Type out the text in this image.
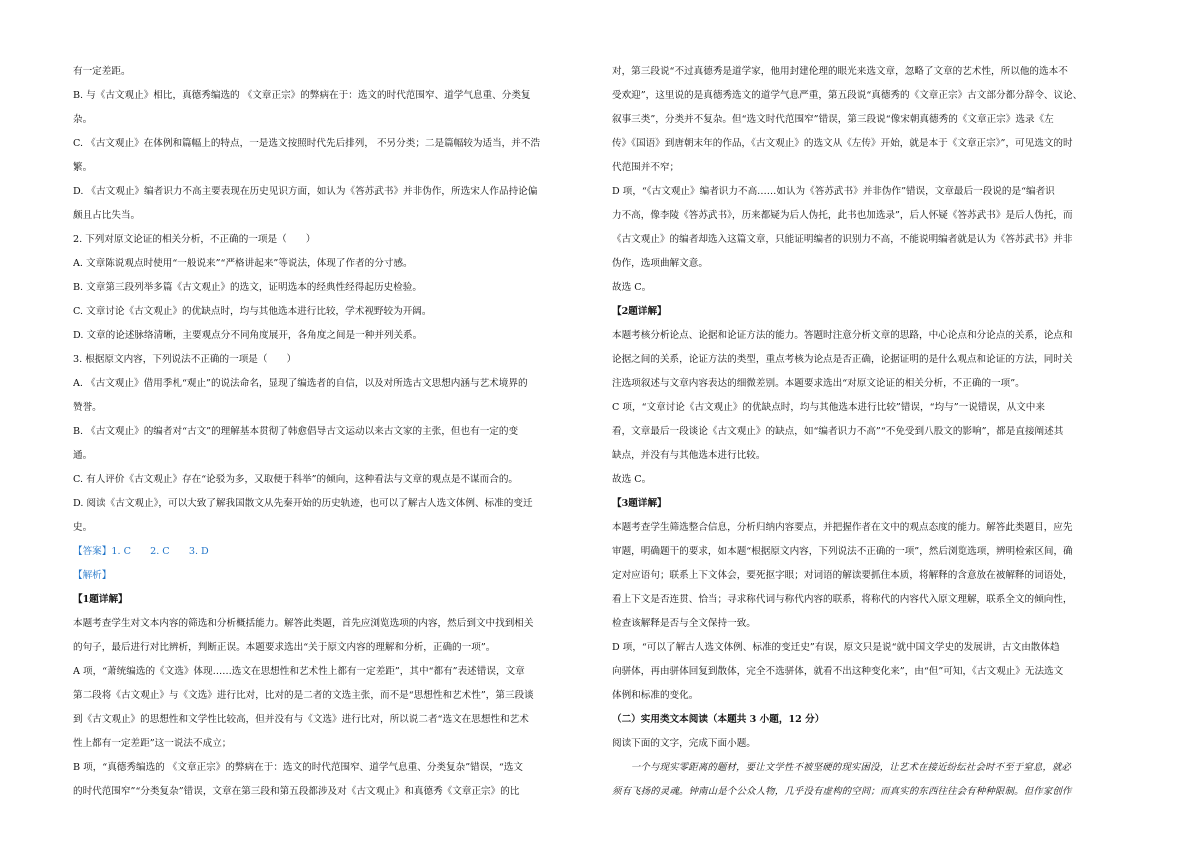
有一定差距。
B. 与《古文观止》相比，真德秀编选的 《文章正宗》的弊病在于：选文的时代范围窄、道学气息重、分类复
杂。
C. 《古文观止》在体例和篇幅上的特点，一是选文按照时代先后排列， 不另分类；二是篇幅较为适当，并不浩
繁。
D. 《古文观止》编者识力不高主要表现在历史见识方面，如认为《答苏武书》并非伪作，所选宋人作品持论偏
颇且占比失当。
2. 下列对原文论证的相关分析，不正确的一项是（　　）
A. 文章陈说观点时使用“一般说来”“严格讲起来”等说法，体现了作者的分寸感。
B. 文章第三段列举多篇《古文观止》的选文，证明选本的经典性经得起历史检验。
C. 文章讨论《古文观止》的优缺点时，均与其他选本进行比较，学术视野较为开阔。
D. 文章的论述脉络清晰，主要观点分不同角度展开，各角度之间是一种并列关系。
3. 根据原文内容，下列说法不正确的一项是（　　）
A. 《古文观止》借用季札“观止”的说法命名，显现了编选者的自信，以及对所选古文思想内涵与艺术境界的
赞誉。
B. 《古文观止》的编者对“古文”的理解基本贯彻了韩愈倡导古文运动以来古文家的主张，但也有一定的变
通。
C. 有人评价《古文观止》存在“论驳为多，又取便于科举”的倾向，这种看法与文章的观点是不谋而合的。
D. 阅读《古文观止》，可以大致了解我国散文从先秦开始的历史轨迹，也可以了解古人选文体例、标准的变迁
史。
【答案】1. C　　2. C　　3. D
【解析】
【1题详解】
本题考查学生对文本内容的筛选和分析概括能力。解答此类题，首先应浏览选项的内容，然后到文中找到相关
的句子，最后进行对比辨析，判断正误。本题要求选出“关于原文内容的理解和分析，正确的一项”。
A 项，“萧统编选的《文选》体现……选文在思想性和艺术性上都有一定差距”，其中“都有”表述错误，文章
第二段将《古文观止》与《文选》进行比对，比对的是二者的文选主张，而不是“思想性和艺术性”，第三段谈
到《古文观止》的思想性和文学性比较高，但并没有与《文选》进行比对，所以说二者“选文在思想性和艺术
性上都有一定差距”这一说法不成立；
B 项，“真德秀编选的 《文章正宗》的弊病在于：选文的时代范围窄、道学气息重、分类复杂”错误，“选文
的时代范围窄”“分类复杂”错误，文章在第三段和第五段都涉及对《古文观止》和真德秀《文章正宗》的比
对，第三段说“不过真德秀是道学家，他用封建伦理的眼光来选文章，忽略了文章的艺术性，所以他的选本不
受欢迎”，这里说的是真德秀选文的道学气息严重，第五段说“真德秀的《文章正宗》古文部分都分辞令、议论、
叙事三类”，分类并不复杂。但“选文时代范围窄”错误，第三段说“像宋朝真德秀的《文章正宗》选录《左
传》《国语》到唐朝末年的作品，《古文观止》的选文从《左传》开始，就是本于《文章正宗》”，可见选文的时
代范围并不窄；
D 项，“《古文观止》编者识力不高……如认为《答苏武书》并非伪作”错误，文章最后一段说的是“编者识
力不高，像李陵《答苏武书》，历来都疑为后人伪托，此书也加选录”，后人怀疑《答苏武书》是后人伪托，而
《古文观止》的编者却选入这篇文章，只能证明编者的识别力不高，不能说明编者就是认为《答苏武书》并非
伪作，选项曲解文意。
故选 C。
【2题详解】
本题考核分析论点、论据和论证方法的能力。答题时注意分析文章的思路，中心论点和分论点的关系，论点和
论据之间的关系，论证方法的类型，重点考核为论点是否正确，论据证明的是什么观点和论证的方法，同时关
注选项叙述与文章内容表达的细微差别。本题要求选出“对原文论证的相关分析，不正确的一项”。
C 项，“文章讨论《古文观止》的优缺点时，均与其他选本进行比较”错误，“均与”一说错误，从文中来
看，文章最后一段谈论《古文观止》的缺点，如“编者识力不高”“不免受到八股文的影响”，都是直接阐述其
缺点，并没有与其他选本进行比较。
故选 C。
【3题详解】
本题考查学生筛选整合信息，分析归纳内容要点，并把握作者在文中的观点态度的能力。解答此类题目，应先
审题，明确题干的要求，如本题“根据原文内容，下列说法不正确的一项”，然后浏览选项，辨明检索区间，确
定对应语句；联系上下文体会，要死抠字眼；对词语的解读要抓住本质，将解释的含意放在被解释的词语处，
看上下文是否连贯、恰当；寻求称代词与称代内容的联系，将称代的内容代入原文理解，联系全文的倾向性，
检查该解释是否与全文保持一致。
D 项，“可以了解古人选文体例、标准的变迁史”有误，原文只是说“就中国文学史的发展讲，古文由散体趋
向骈体，再由骈体回复到散体，完全不选骈体，就看不出这种变化来”，由“但”可知，《古文观止》无法选文
体例和标准的变化。
（二）实用类文本阅读（本题共 3 小题，12 分）
阅读下面的文字，完成下面小题。
一个与现实零距离的题材，要让文学性不被坚硬的现实困没，让艺术在接近纷纭社会时不至于窒息，就必
须有飞扬的灵魂。钟南山是个公众人物，几乎没有虚构的空间；而真实的东西往往会有种种限制。但作家创作
